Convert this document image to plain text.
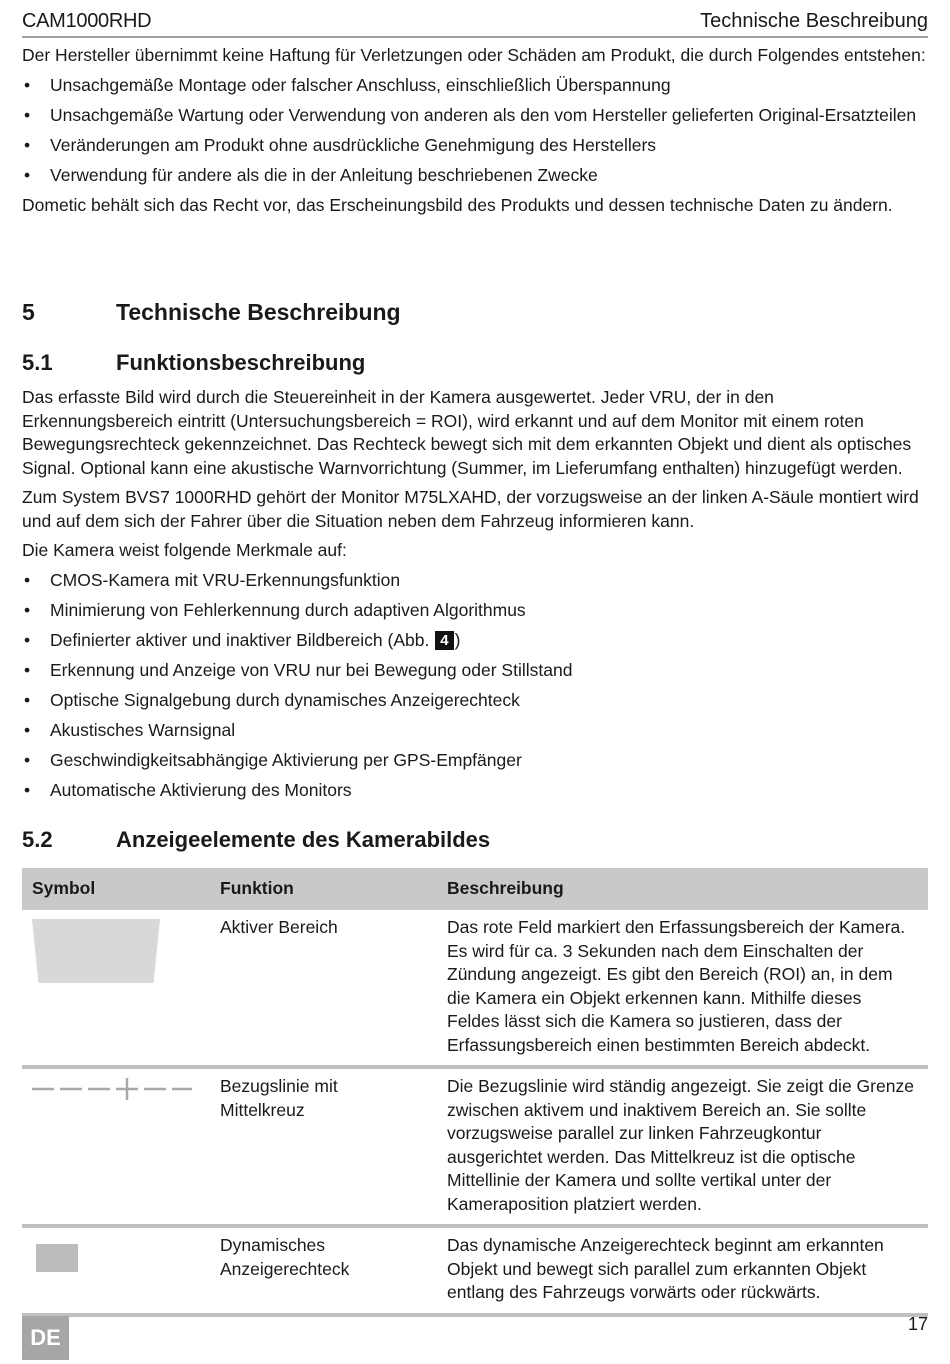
CAM1000RHD	Technische Beschreibung

Der Hersteller übernimmt keine Haftung für Verletzungen oder Schäden am Produkt, die durch Folgendes entstehen:

• Unsachgemäße Montage oder falscher Anschluss, einschließlich Überspannung
• Unsachgemäße Wartung oder Verwendung von anderen als den vom Hersteller gelieferten Original-Ersatzteilen
• Veränderungen am Produkt ohne ausdrückliche Genehmigung des Herstellers
• Verwendung für andere als die in der Anleitung beschriebenen Zwecke

Dometic behält sich das Recht vor, das Erscheinungsbild des Produkts und dessen technische Daten zu ändern.

5	Technische Beschreibung
5.1	Funktionsbeschreibung

Das erfasste Bild wird durch die Steuereinheit in der Kamera ausgewertet. Jeder VRU, der in den Erkennungsbereich eintritt (Untersuchungsbereich = ROI), wird erkannt und auf dem Monitor mit einem roten Bewegungsrechteck gekennzeichnet. Das Rechteck bewegt sich mit dem erkannten Objekt und dient als optisches Signal. Optional kann eine akustische Warnvorrichtung (Summer, im Lieferumfang enthalten) hinzugefügt werden.

Zum System BVS7 1000RHD gehört der Monitor M75LXAHD, der vorzugsweise an der linken A-Säule montiert wird und auf dem sich der Fahrer über die Situation neben dem Fahrzeug informieren kann.

Die Kamera weist folgende Merkmale auf:

• CMOS-Kamera mit VRU-Erkennungsfunktion
• Minimierung von Fehlerkennung durch adaptiven Algorithmus
• Definierter aktiver und inaktiver Bildbereich (Abb. 4 )
• Erkennung und Anzeige von VRU nur bei Bewegung oder Stillstand
• Optische Signalgebung durch dynamisches Anzeigerechteck
• Akustisches Warnsignal
• Geschwindigkeitsabhängige Aktivierung per GPS-Empfänger
• Automatische Aktivierung des Monitors
5.2	Anzeigeelemente des Kamerabildes
Symbol	Funktion	Beschreibung

	Aktiver Bereich	Das rote Feld markiert den Erfassungsbereich der Kamera. Es wird für ca. 3 Sekunden nach dem Einschalten der Zündung angezeigt. Es gibt den Bereich (ROI) an, in dem die Kamera ein Objekt erkennen kann. Mithilfe dieses Feldes lässt sich die Kamera so justieren, dass der Erfassungsbereich einen bestimmten Bereich abdeckt.
	Bezugslinie mit Mittelkreuz	Die Bezugslinie wird ständig angezeigt. Sie zeigt die Grenze zwischen aktivem und inaktivem Bereich an. Sie sollte vorzugsweise parallel zur linken Fahrzeugkontur ausgerichtet werden. Das Mittelkreuz ist die optische Mittellinie der Kamera und sollte vertikal unter der Kameraposition platziert werden.

	Dynamisches Anzeigerechteck	Das dynamische Anzeigerechteck beginnt am erkannten Objekt und bewegt sich parallel zum erkannten Objekt entlang des Fahrzeugs vorwärts oder rückwärts.
DE
17
